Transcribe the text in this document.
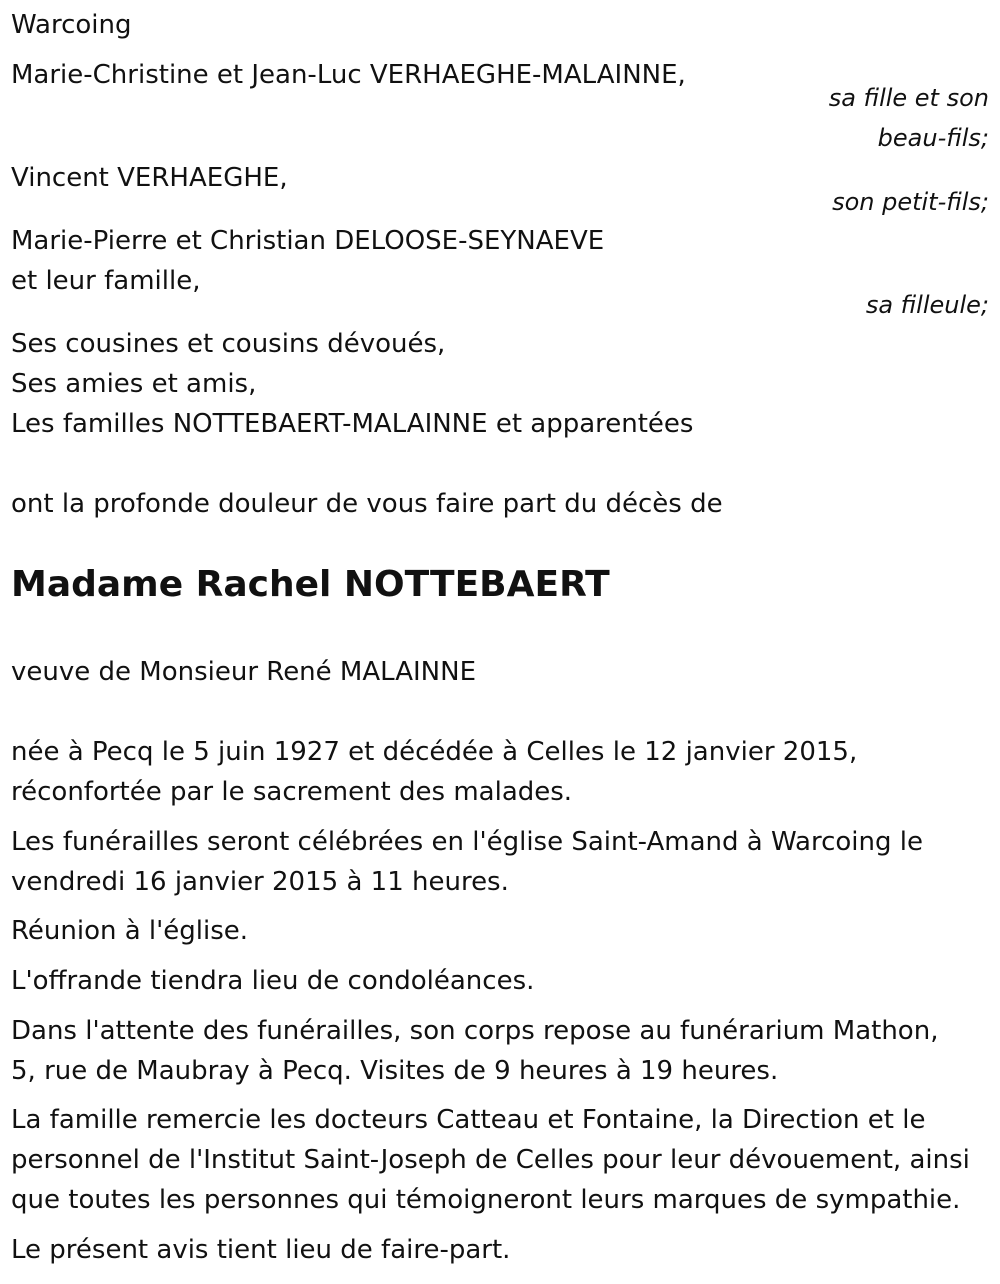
Warcoing
Marie-Christine et Jean-Luc VERHAEGHE-MALAINNE,
sa fille et son
beau-fils;
Vincent VERHAEGHE,
son petit-fils;
Marie-Pierre et Christian DELOOSE-SEYNAEVE
et leur famille,
sa filleule;
Ses cousines et cousins dévoués,
Ses amies et amis,
Les familles NOTTEBAERT-MALAINNE et apparentées
ont la profonde douleur de vous faire part du décès de
Madame Rachel NOTTEBAERT
veuve de Monsieur René MALAINNE
née à Pecq le 5 juin 1927 et décédée à Celles le 12 janvier 2015,
réconfortée par le sacrement des malades.
Les funérailles seront célébrées en l'église Saint-Amand à Warcoing le
vendredi 16 janvier 2015 à 11 heures.
Réunion à l'église.
L'offrande tiendra lieu de condoléances.
Dans l'attente des funérailles, son corps repose au funérarium Mathon,
5, rue de Maubray à Pecq. Visites de 9 heures à 19 heures.
La famille remercie les docteurs Catteau et Fontaine, la Direction et le
personnel de l'Institut Saint-Joseph de Celles pour leur dévouement, ainsi
que toutes les personnes qui témoigneront leurs marques de sympathie.
Le présent avis tient lieu de faire-part.
